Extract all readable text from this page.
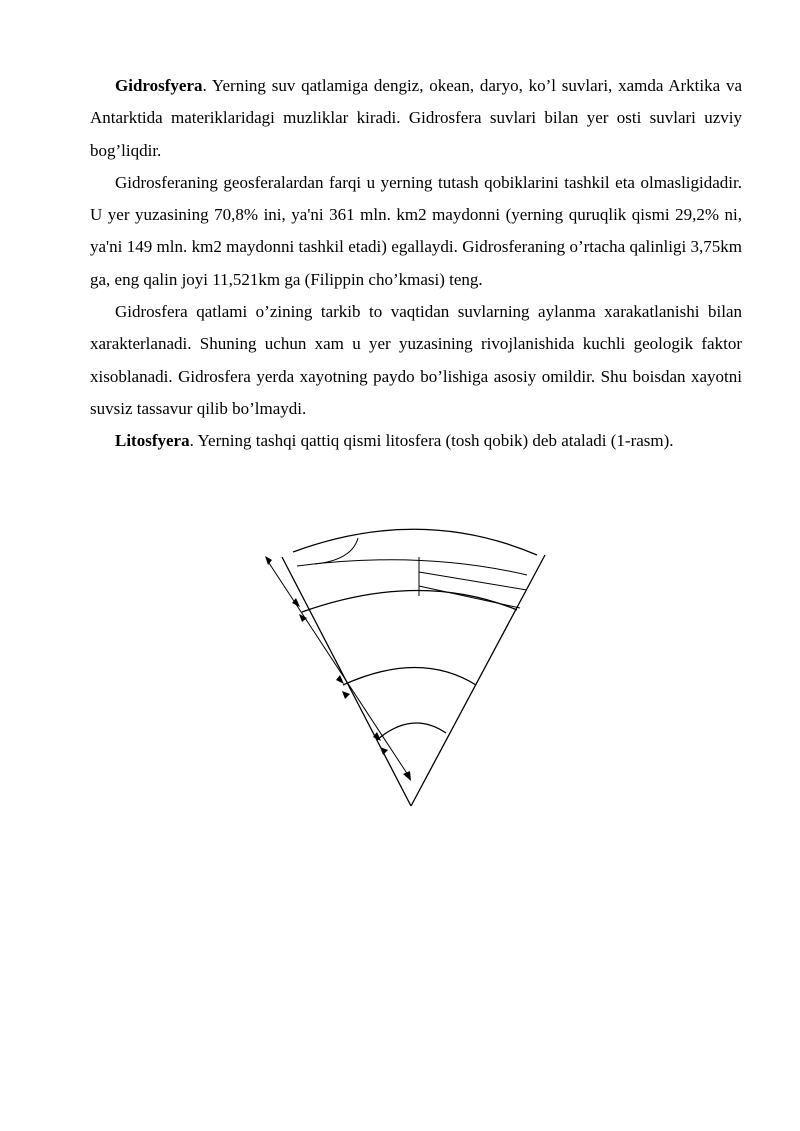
Gidrosfyera. Yerning suv qatlamiga dengiz, okean, daryo, ko’l suvlari, xamda Arktika va Antarktida materiklaridagi muzliklar kiradi. Gidrosfera suvlari bilan yer osti suvlari uzviy bog’liqdir.

Gidrosferaning geosferalardan farqi u yerning tutash qobiklarini tashkil eta olmasligidadir. U yer yuzasining 70,8% ini, ya'ni 361 mln. km2 maydonni (yerning quruqlik qismi 29,2% ni, ya'ni 149 mln. km2 maydonni tashkil etadi) egallaydi. Gidrosferaning o’rtacha qalinligi 3,75km ga, eng qalin joyi 11,521km ga (Filippin cho’kmasi) teng.

Gidrosfera qatlami o’zining tarkib to vaqtidan suvlarning aylanma xarakatlanishi bilan xarakterlanadi. Shuning uchun xam u yer yuzasining rivojlanishida kuchli geologik faktor xisoblanadi. Gidrosfera yerda xayotning paydo bo’lishiga asosiy omildir. Shu boisdan xayotni suvsiz tassavur qilib bo’lmaydi.

Litosfyera. Yerning tashqi qattiq qismi litosfera (tosh qobik) deb ataladi (1-rasm).
